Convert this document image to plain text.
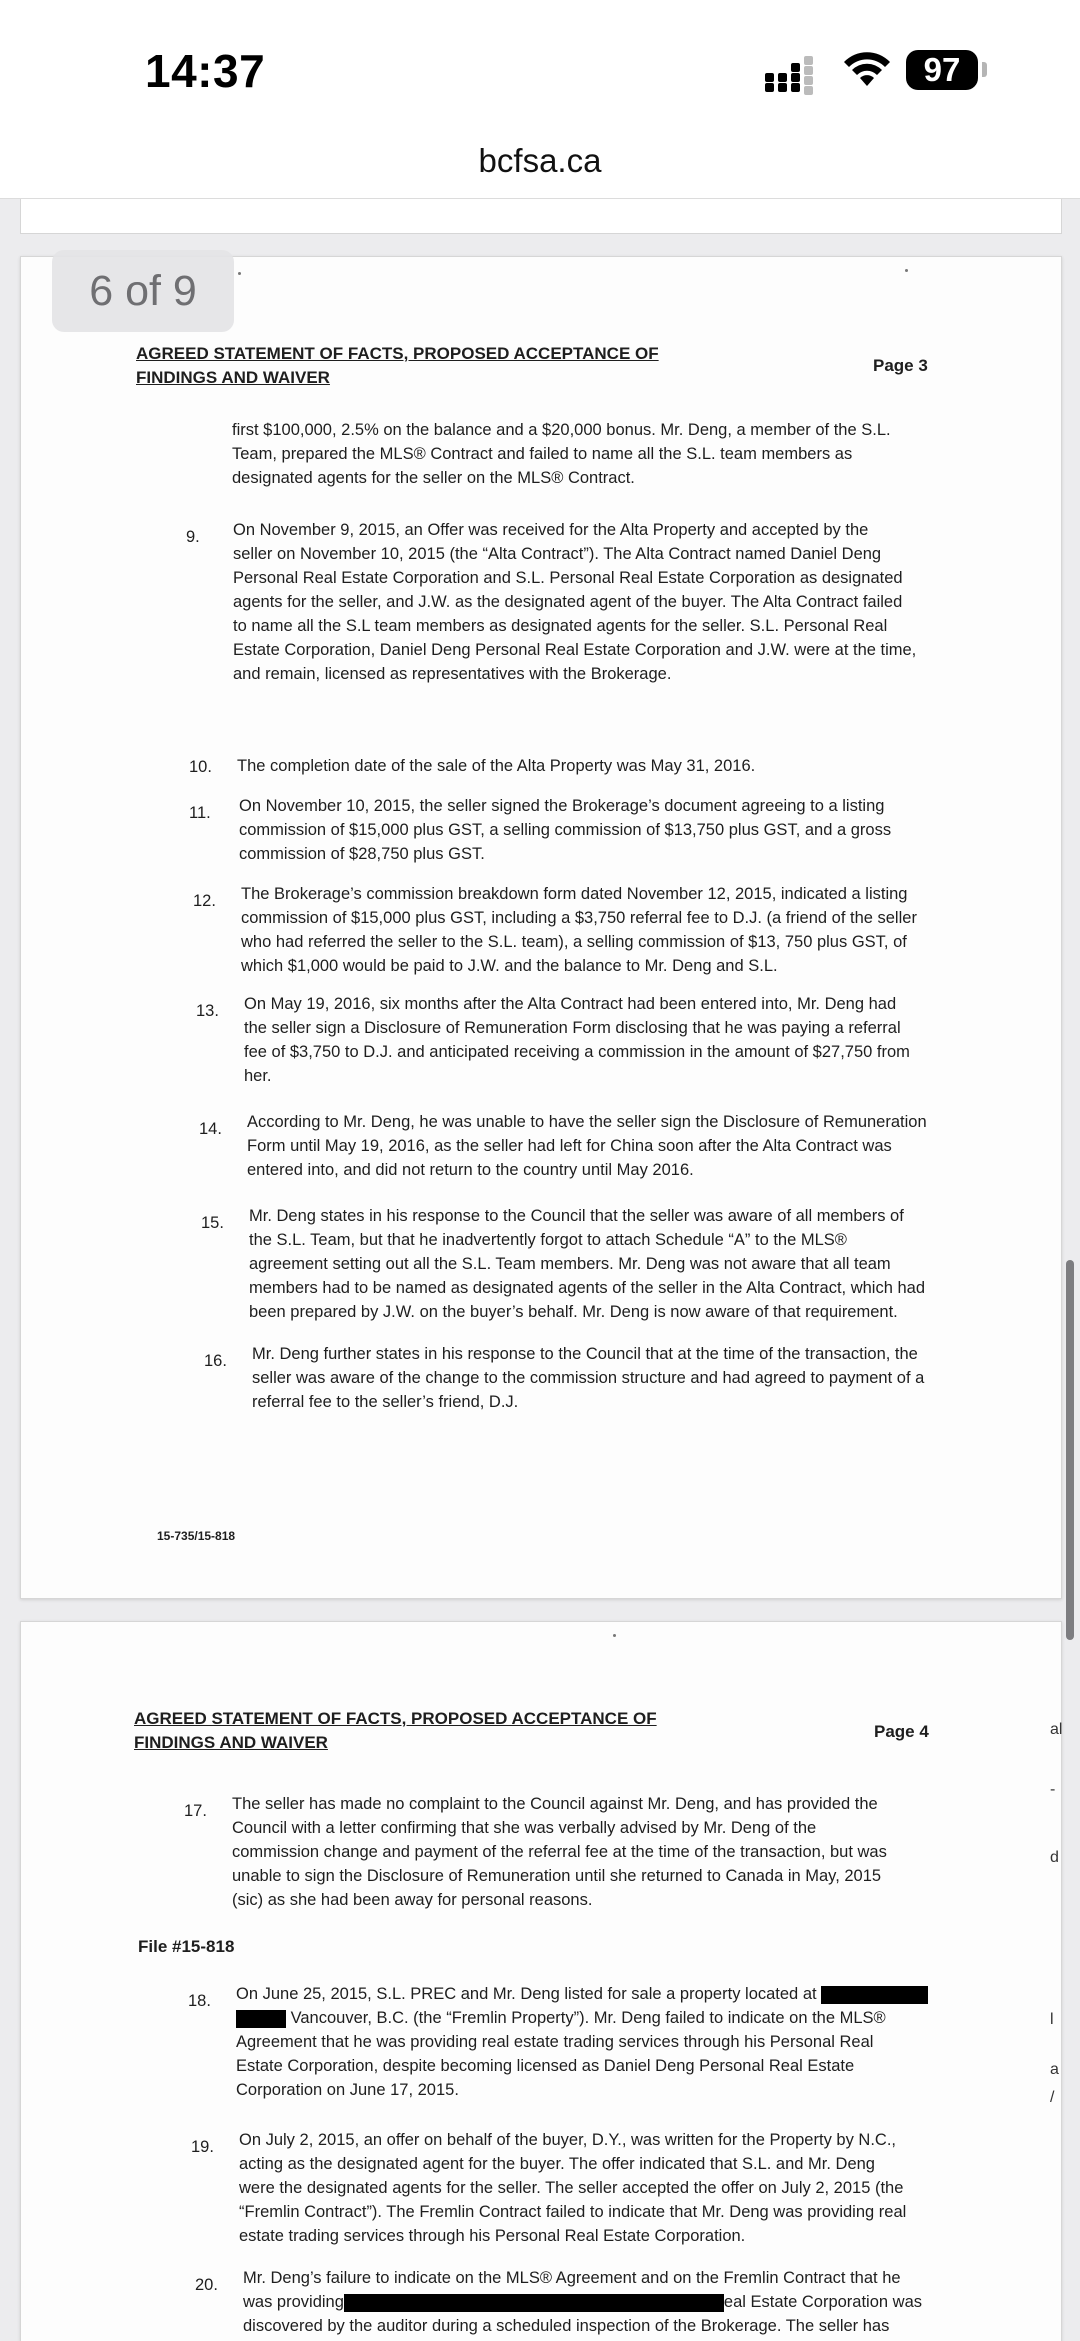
14:37	97
bcfsa.ca
AGREED STATEMENT OF FACTS, PROPOSED ACCEPTANCE OF
FINDINGS AND WAIVER
Page 3
first $100,000, 2.5% on the balance and a $20,000 bonus. Mr. Deng, a member of the S.L.
Team, prepared the MLS® Contract and failed to name all the S.L. team members as
designated agents for the seller on the MLS® Contract.
9. On November 9, 2015, an Offer was received for the Alta Property and accepted by the
seller on November 10, 2015 (the “Alta Contract”). The Alta Contract named Daniel Deng
Personal Real Estate Corporation and S.L. Personal Real Estate Corporation as designated
agents for the seller, and J.W. as the designated agent of the buyer. The Alta Contract failed
to name all the S.L team members as designated agents for the seller. S.L. Personal Real
Estate Corporation, Daniel Deng Personal Real Estate Corporation and J.W. were at the time,
and remain, licensed as representatives with the Brokerage.
10. The completion date of the sale of the Alta Property was May 31, 2016.
11. On November 10, 2015, the seller signed the Brokerage’s document agreeing to a listing
commission of $15,000 plus GST, a selling commission of $13,750 plus GST, and a gross
commission of $28,750 plus GST.
12. The Brokerage’s commission breakdown form dated November 12, 2015, indicated a listing
commission of $15,000 plus GST, including a $3,750 referral fee to D.J. (a friend of the seller
who had referred the seller to the S.L. team), a selling commission of $13, 750 plus GST, of
which $1,000 would be paid to J.W. and the balance to Mr. Deng and S.L.
13. On May 19, 2016, six months after the Alta Contract had been entered into, Mr. Deng had
the seller sign a Disclosure of Remuneration Form disclosing that he was paying a referral
fee of $3,750 to D.J. and anticipated receiving a commission in the amount of $27,750 from
her.
14. According to Mr. Deng, he was unable to have the seller sign the Disclosure of Remuneration
Form until May 19, 2016, as the seller had left for China soon after the Alta Contract was
entered into, and did not return to the country until May 2016.
15. Mr. Deng states in his response to the Council that the seller was aware of all members of
the S.L. Team, but that he inadvertently forgot to attach Schedule “A” to the MLS®
agreement setting out all the S.L. Team members. Mr. Deng was not aware that all team
members had to be named as designated agents of the seller in the Alta Contract, which had
been prepared by J.W. on the buyer’s behalf. Mr. Deng is now aware of that requirement.
16. Mr. Deng further states in his response to the Council that at the time of the transaction, the
seller was aware of the change to the commission structure and had agreed to payment of a
referral fee to the seller’s friend, D.J.
15-735/15-818
AGREED STATEMENT OF FACTS, PROPOSED ACCEPTANCE OF
FINDINGS AND WAIVER
Page 4
17. The seller has made no complaint to the Council against Mr. Deng, and has provided the
Council with a letter confirming that she was verbally advised by Mr. Deng of the
commission change and payment of the referral fee at the time of the transaction, but was
unable to sign the Disclosure of Remuneration until she returned to Canada in May, 2015
(sic) as she had been away for personal reasons.
File #15-818
18. On June 25, 2015, S.L. PREC and Mr. Deng listed for sale a property located at
Vancouver, B.C. (the “Fremlin Property”). Mr. Deng failed to indicate on the MLS®
Agreement that he was providing real estate trading services through his Personal Real
Estate Corporation, despite becoming licensed as Daniel Deng Personal Real Estate
Corporation on June 17, 2015.
19. On July 2, 2015, an offer on behalf of the buyer, D.Y., was written for the Property by N.C.,
acting as the designated agent for the buyer. The offer indicated that S.L. and Mr. Deng
were the designated agents for the seller. The seller accepted the offer on July 2, 2015 (the
“Fremlin Contract”). The Fremlin Contract failed to indicate that Mr. Deng was providing real
estate trading services through his Personal Real Estate Corporation.
20. Mr. Deng’s failure to indicate on the MLS® Agreement and on the Fremlin Contract that he
was providing	eal Estate Corporation was
discovered by the auditor during a scheduled inspection of the Brokerage. The seller has
al
-
d
l
a
/
6 of 9
